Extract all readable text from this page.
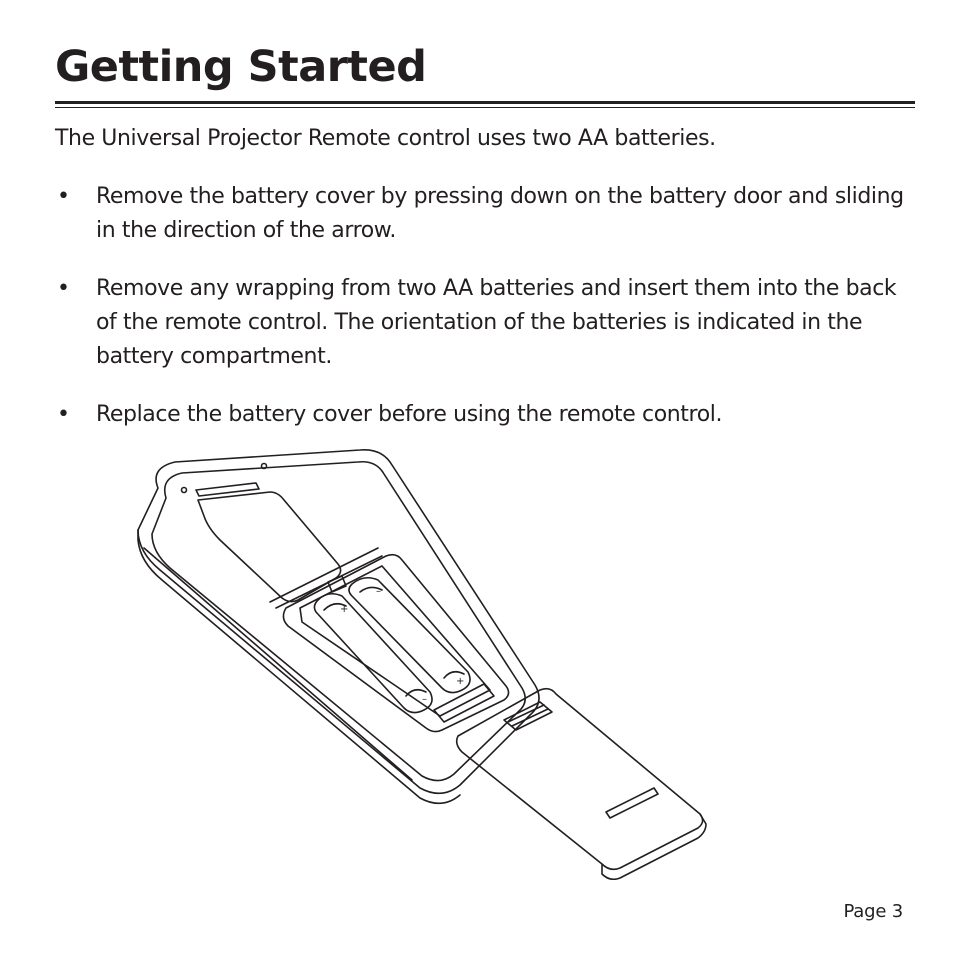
Getting Started

The Universal Projector Remote control uses two AA batteries.

• Remove the battery cover by pressing down on the battery door and sliding in the direction of the arrow.
• Remove any wrapping from two AA batteries and insert them into the back of the remote control. The orientation of the batteries is indicated in the battery compartment.
• Replace the battery cover before using the remote control.
+
–
–
+
Page 3
